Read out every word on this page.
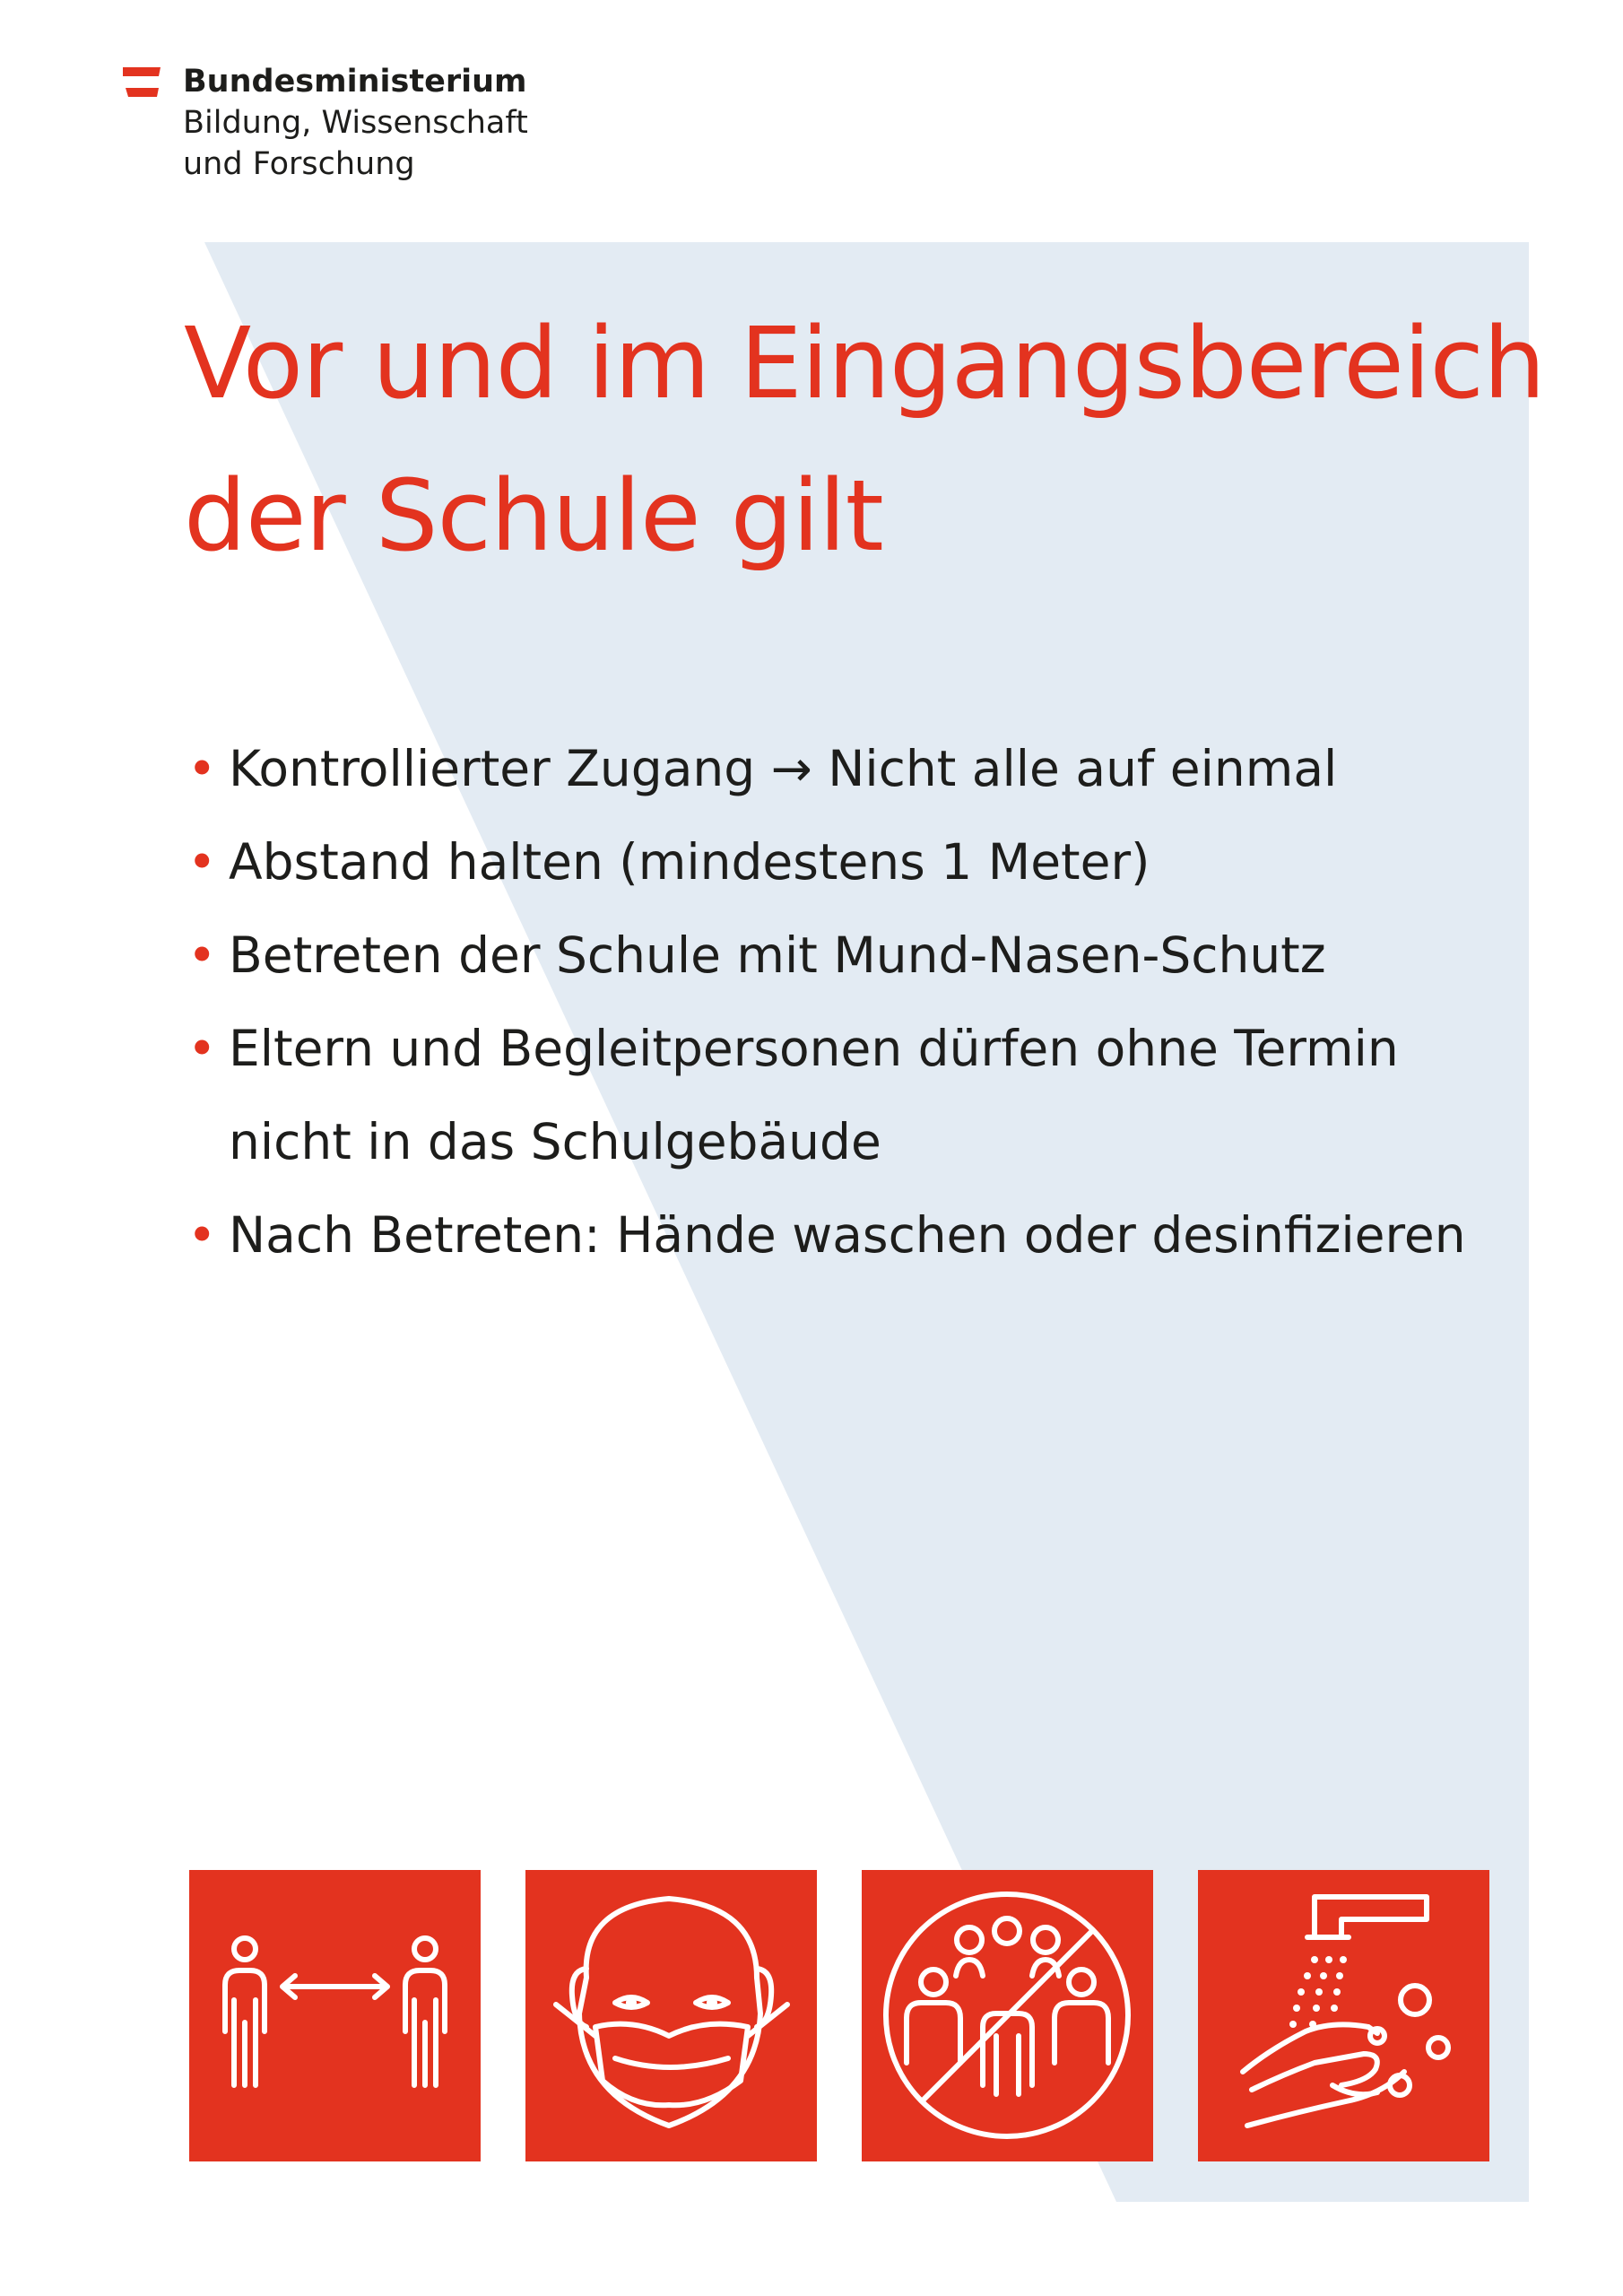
Bundesministerium
Bildung, Wissenschaft
und Forschung
Vor und im Eingangsbereich
der Schule gilt
• Kontrollierter Zugang → Nicht alle auf einmal
• Abstand halten (mindestens 1 Meter)
• Betreten der Schule mit Mund-Nasen-Schutz
• Eltern und Begleitpersonen dürfen ohne Termin
nicht in das Schulgebäude
• Nach Betreten: Hände waschen oder desinfizieren
